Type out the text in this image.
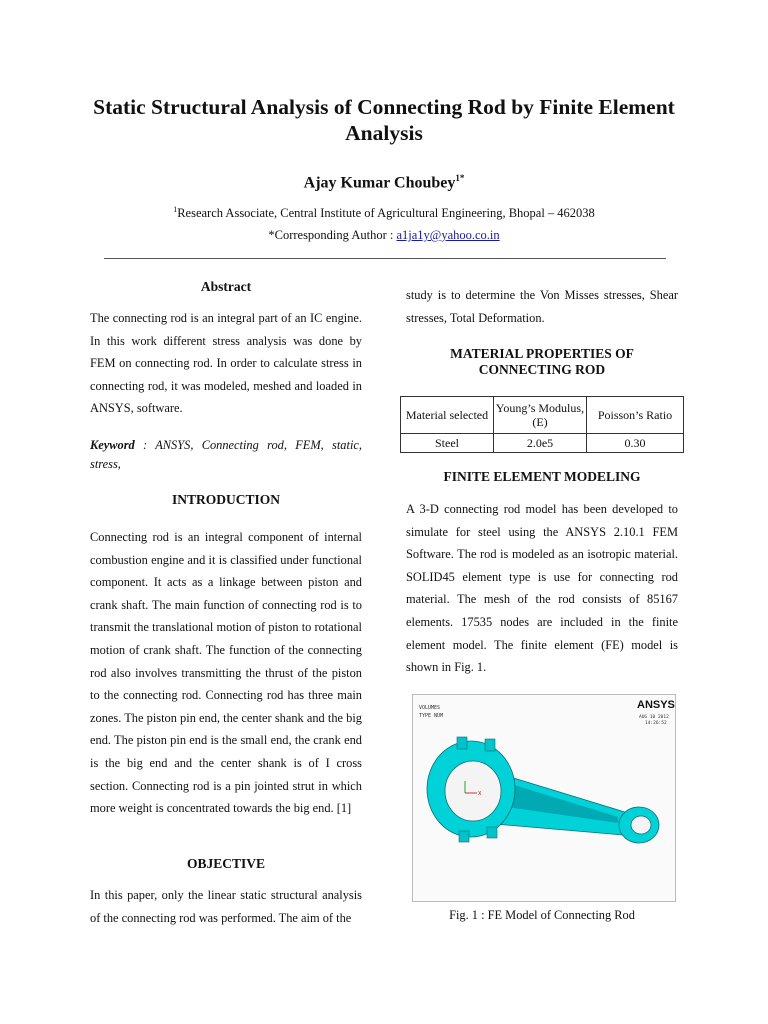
Static Structural Analysis of Connecting Rod by Finite Element Analysis
Ajay Kumar Choubey$^{1*}$
$^1$Research Associate, Central Institute of Agricultural Engineering, Bhopal – 462038
*Corresponding Author : a1ja1y@yahoo.co.in
Abstract
The connecting rod is an integral part of an IC engine. In this work different stress analysis was done by FEM on connecting rod. In order to calculate stress in connecting rod, it was modeled, meshed and loaded in ANSYS, software.
Keyword : ANSYS, Connecting rod, FEM, static, stress,
INTRODUCTION
Connecting rod is an integral component of internal combustion engine and it is classified under functional component. It acts as a linkage between piston and crank shaft. The main function of connecting rod is to transmit the translational motion of piston to rotational motion of crank shaft. The function of the connecting rod also involves transmitting the thrust of the piston to the connecting rod. Connecting rod has three main zones. The piston pin end, the center shank and the big end. The piston pin end is the small end, the crank end is the big end and the center shank is of I cross section. Connecting rod is a pin jointed strut in which more weight is concentrated towards the big end. [1]
OBJECTIVE
In this paper, only the linear static structural analysis of the connecting rod was performed. The aim of the
study is to determine the Von Misses stresses, Shear stresses, Total Deformation.
MATERIAL PROPERTIES OF
CONNECTING ROD
Material selected	Young’s Modulus,(E)	Poisson’s Ratio
Steel	2.0e5	0.30
FINITE ELEMENT MODELING
A 3-D connecting rod model has been developed to simulate for steel using the ANSYS 2.10.1 FEM Software. The rod is modeled as an isotropic material. SOLID45 element type is use for connecting rod material. The mesh of the rod consists of 85167 elements. 17535 nodes are included in the finite element model. The finite element (FE) model is shown in Fig. 1.
VOLUMES
TYPE NUM
ANSYS
AUG 10 2012
14:26:52
X
Fig. 1 : FE Model of Connecting Rod
